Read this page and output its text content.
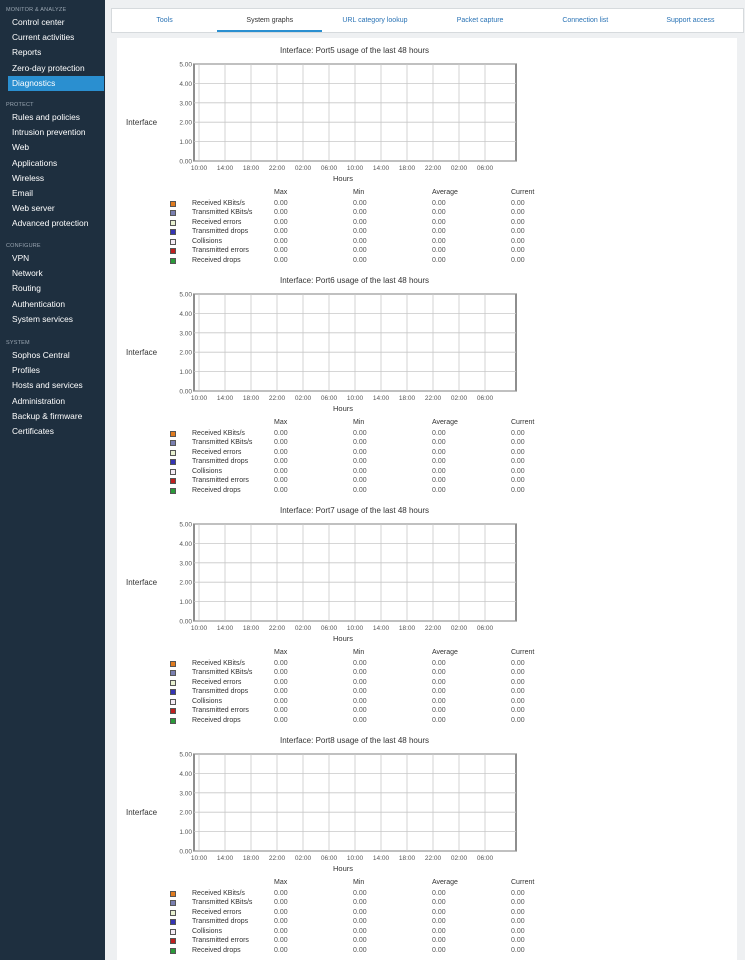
MONITOR & ANALYZE
Control center
Current activities
Reports
Zero-day protection
Diagnostics
PROTECT
Rules and policies
Intrusion prevention
Web
Applications
Wireless
Email
Web server
Advanced protection
CONFIGURE
VPN
Network
Routing
Authentication
System services
SYSTEM
Sophos Central
Profiles
Hosts and services
Administration
Backup & firmware
Certificates
Tools	System graphs	URL category lookup	Packet capture	Connection list	Support access
Interface: Port5 usage of the last 48 hours
Interface
5.00
4.00
3.00
2.00
1.00
0.00
10:00 14:00 18:00 22:00 02:00 06:00 10:00 14:00 18:00 22:00 02:00 06:00
Hours
Max	Min	Average	Current
Received KBits/s	0.00	0.00	0.00	0.00
Transmitted KBits/s	0.00	0.00	0.00	0.00
Received errors	0.00	0.00	0.00	0.00
Transmitted drops	0.00	0.00	0.00	0.00
Collisions	0.00	0.00	0.00	0.00
Transmitted errors	0.00	0.00	0.00	0.00
Received drops	0.00	0.00	0.00	0.00
Interface: Port6 usage of the last 48 hours
Interface
5.00
4.00
3.00
2.00
1.00
0.00
10:00 14:00 18:00 22:00 02:00 06:00 10:00 14:00 18:00 22:00 02:00 06:00
Hours
Max	Min	Average	Current
Received KBits/s	0.00	0.00	0.00	0.00
Transmitted KBits/s	0.00	0.00	0.00	0.00
Received errors	0.00	0.00	0.00	0.00
Transmitted drops	0.00	0.00	0.00	0.00
Collisions	0.00	0.00	0.00	0.00
Transmitted errors	0.00	0.00	0.00	0.00
Received drops	0.00	0.00	0.00	0.00
Interface: Port7 usage of the last 48 hours
Interface
5.00
4.00
3.00
2.00
1.00
0.00
10:00 14:00 18:00 22:00 02:00 06:00 10:00 14:00 18:00 22:00 02:00 06:00
Hours
Max	Min	Average	Current
Received KBits/s	0.00	0.00	0.00	0.00
Transmitted KBits/s	0.00	0.00	0.00	0.00
Received errors	0.00	0.00	0.00	0.00
Transmitted drops	0.00	0.00	0.00	0.00
Collisions	0.00	0.00	0.00	0.00
Transmitted errors	0.00	0.00	0.00	0.00
Received drops	0.00	0.00	0.00	0.00
Interface: Port8 usage of the last 48 hours
Interface
5.00
4.00
3.00
2.00
1.00
0.00
10:00 14:00 18:00 22:00 02:00 06:00 10:00 14:00 18:00 22:00 02:00 06:00
Hours
Max	Min	Average	Current
Received KBits/s	0.00	0.00	0.00	0.00
Transmitted KBits/s	0.00	0.00	0.00	0.00
Received errors	0.00	0.00	0.00	0.00
Transmitted drops	0.00	0.00	0.00	0.00
Collisions	0.00	0.00	0.00	0.00
Transmitted errors	0.00	0.00	0.00	0.00
Received drops	0.00	0.00	0.00	0.00
